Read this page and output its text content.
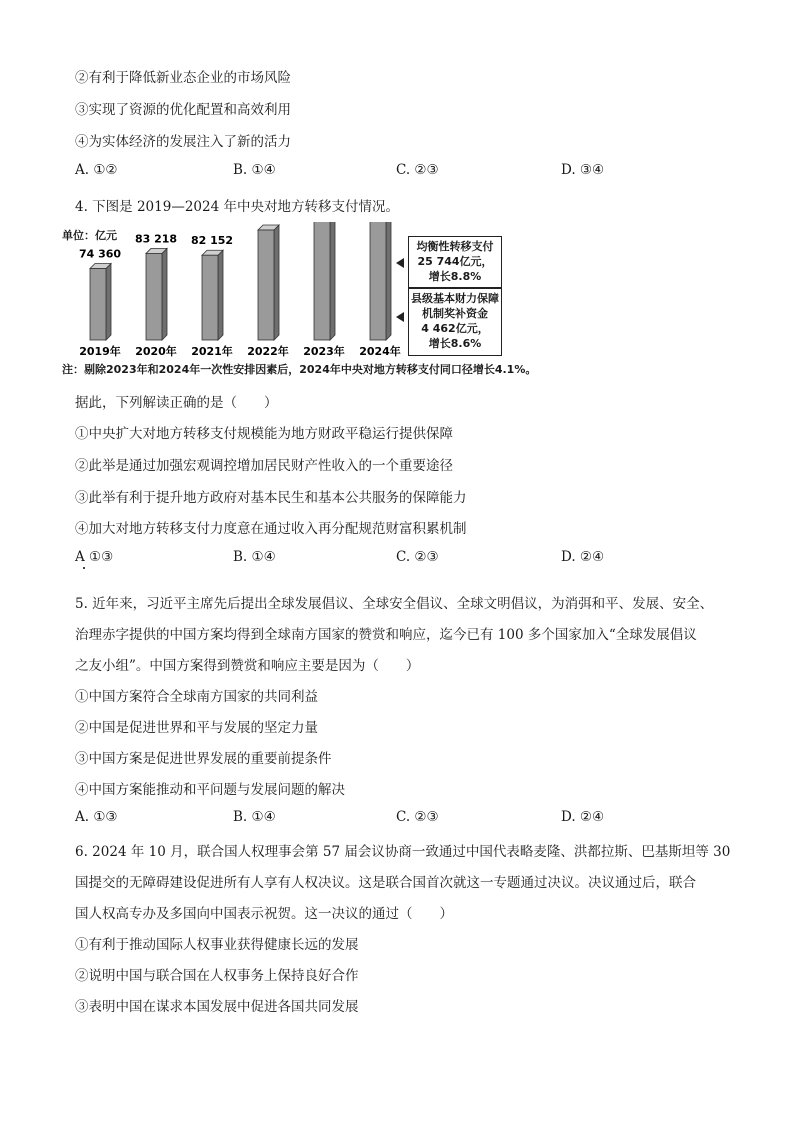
②有利于降低新业态企业的市场风险
③实现了资源的优化配置和高效利用
④为实体经济的发展注入了新的活力
A. ①②	B. ①④	C. ②③	D. ③④
4. 下图是 2019—2024 年中央对地方转移支付情况。
单位：亿元
74 360
2019年
83 218
2020年
82 152
2021年 2022年 2023年 2024年
均衡性转移支付
25 744亿元，
增长8.8%
县级基本财力保障
机制奖补资金
4 462亿元，
增长8.6%
注：剔除2023年和2024年一次性安排因素后，2024年中央对地方转移支付同口径增长4.1%。
据此，下列解读正确的是（　　）
①中央扩大对地方转移支付规模能为地方财政平稳运行提供保障
②此举是通过加强宏观调控增加居民财产性收入的一个重要途径
③此举有利于提升地方政府对基本民生和基本公共服务的保障能力
④加大对地方转移支付力度意在通过收入再分配规范财富积累机制
A ①③	B. ①④	C. ②③	D. ②④
5. 近年来，习近平主席先后提出全球发展倡议、全球安全倡议、全球文明倡议，为消弭和平、发展、安全、
治理赤字提供的中国方案均得到全球南方国家的赞赏和响应，迄今已有 100 多个国家加入“全球发展倡议
之友小组”。中国方案得到赞赏和响应主要是因为（　　）
①中国方案符合全球南方国家的共同利益
②中国是促进世界和平与发展的坚定力量
③中国方案是促进世界发展的重要前提条件
④中国方案能推动和平问题与发展问题的解决
A. ①③	B. ①④	C. ②③	D. ②④
6. 2024 年 10 月，联合国人权理事会第 57 届会议协商一致通过中国代表略麦隆、洪都拉斯、巴基斯坦等 30
国提交的无障碍建设促进所有人享有人权决议。这是联合国首次就这一专题通过决议。决议通过后，联合
国人权高专办及多国向中国表示祝贺。这一决议的通过（　　）
①有利于推动国际人权事业获得健康长远的发展
②说明中国与联合国在人权事务上保持良好合作
③表明中国在谋求本国发展中促进各国共同发展
